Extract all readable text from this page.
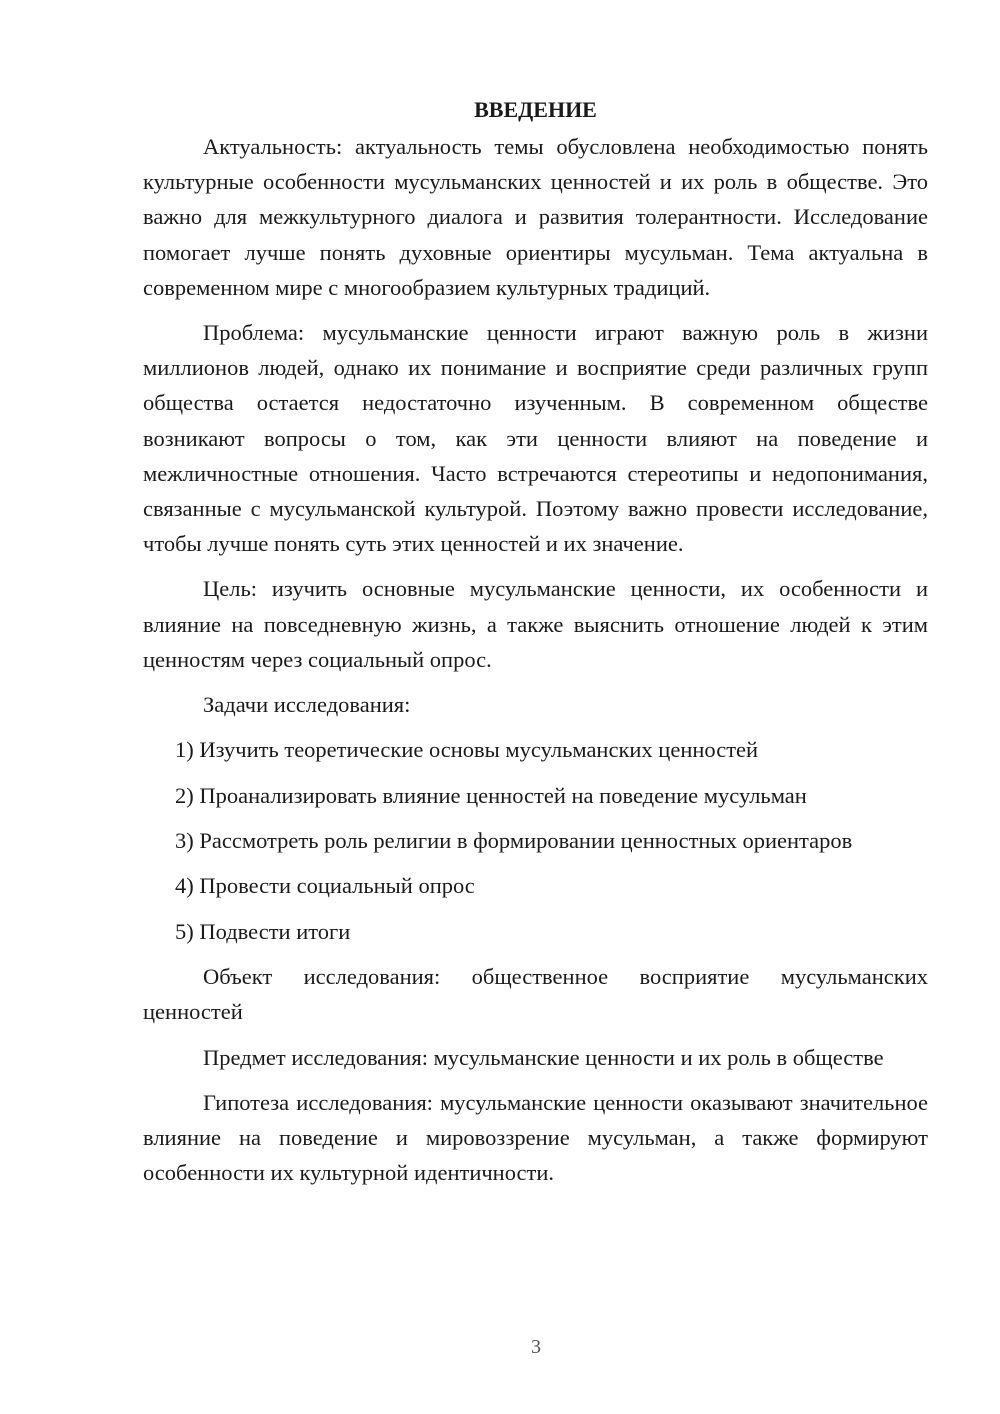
ВВЕДЕНИЕ

Актуальность: актуальность темы обусловлена необходимостью понять культурные особенности мусульманских ценностей и их роль в обществе. Это важно для межкультурного диалога и развития толерантности. Исследование помогает лучше понять духовные ориентиры мусульман. Тема актуальна в современном мире с многообразием культурных традиций.

Проблема: мусульманские ценности играют важную роль в жизни миллионов людей, однако их понимание и восприятие среди различных групп общества остается недостаточно изученным. В современном обществе возникают вопросы о том, как эти ценности влияют на поведение и межличностные отношения. Часто встречаются стереотипы и недопонимания, связанные с мусульманской культурой. Поэтому важно провести исследование, чтобы лучше понять суть этих ценностей и их значение.

Цель: изучить основные мусульманские ценности, их особенности и влияние на повседневную жизнь, а также выяснить отношение людей к этим ценностям через социальный опрос.

Задачи исследования:

1) Изучить теоретические основы мусульманских ценностей
2) Проанализировать влияние ценностей на поведение мусульман
3) Рассмотреть роль религии в формировании ценностных ориентаров
4) Провести социальный опрос
5) Подвести итоги

Объект исследования: общественное восприятие мусульманских ценностей

Предмет исследования: мусульманские ценности и их роль в обществе

Гипотеза исследования: мусульманские ценности оказывают значительное влияние на поведение и мировоззрение мусульман, а также формируют особенности их культурной идентичности.

3
